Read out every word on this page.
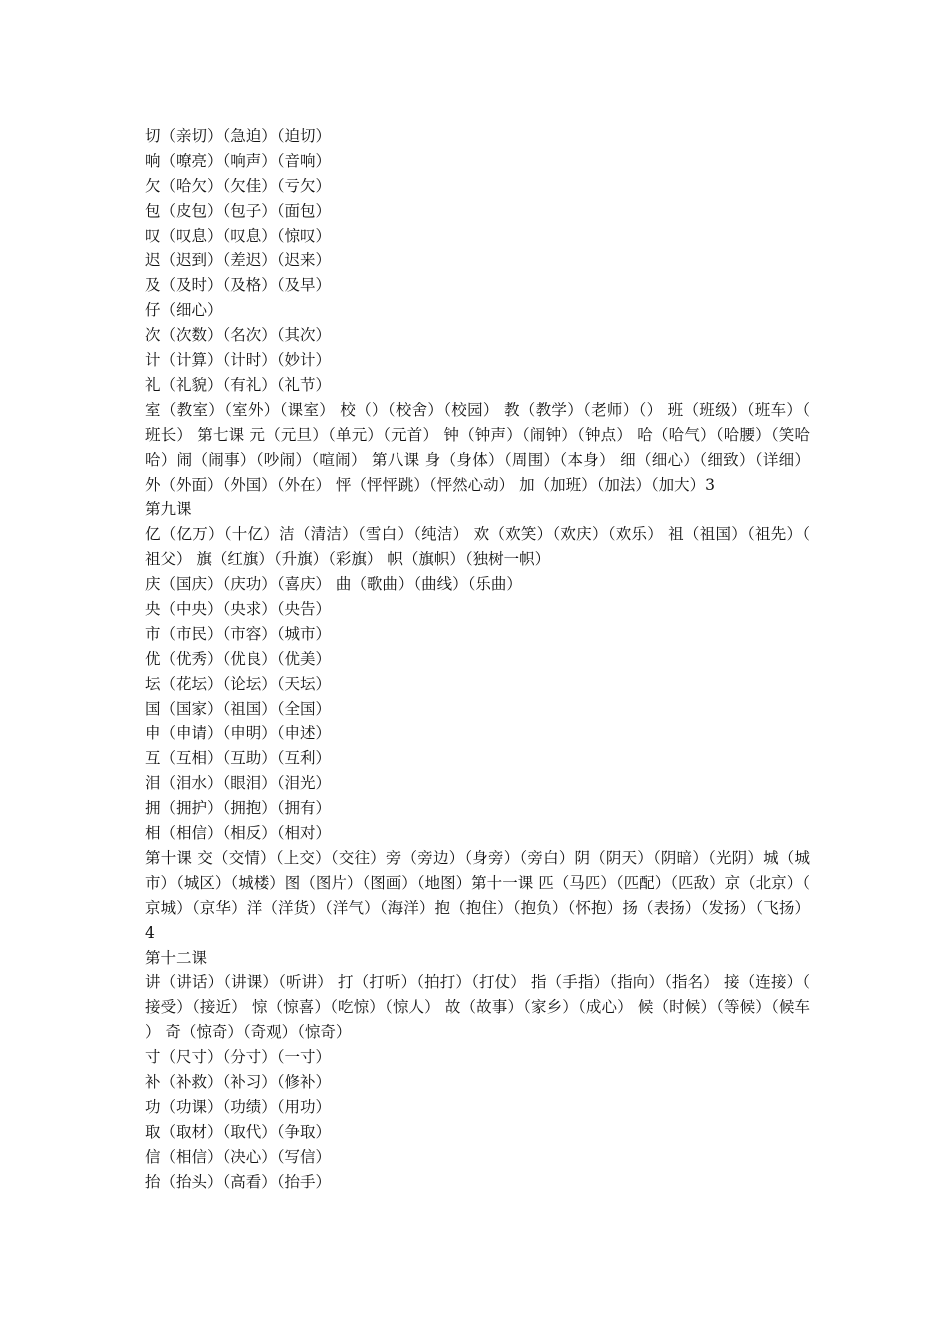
切（亲切）（急迫）（迫切）

响（嘹亮）（响声）（音响）

欠（哈欠）（欠佳）（亏欠）

包（皮包）（包子）（面包）

叹（叹息）（叹息）（惊叹）

迟（迟到）（差迟）（迟来）

及（及时）（及格）（及早）

仔（细心）

次（次数）（名次）（其次）

计（计算）（计时）（妙计）

礼（礼貌）（有礼）（礼节）

室（教室）（室外）（课室） 校（）（校舍）（校园） 教（教学）（老师）（） 班（班级）（班车）（班长） 第七课 元（元旦）（单元）（元首） 钟（钟声）（闹钟）（钟点） 哈（哈气）（哈腰）（笑哈哈）闹（闹事）（吵闹）（喧闹） 第八课 身（身体）（周围）（本身） 细（细心）（细致）（详细） 外（外面）（外国）（外在） 怦（怦怦跳）（怦然心动） 加（加班）（加法）（加大）3

第九课

亿（亿万）（十亿）洁（清洁）（雪白）（纯洁） 欢（欢笑）（欢庆）（欢乐） 祖（祖国）（祖先）（祖父） 旗（红旗）（升旗）（彩旗） 帜（旗帜）（独树一帜）

庆（国庆）（庆功）（喜庆） 曲（歌曲）（曲线）（乐曲）

央（中央）（央求）（央告）

市（市民）（市容）（城市）

优（优秀）（优良）（优美）

坛（花坛）（论坛）（天坛）

国（国家）（祖国）（全国）

申（申请）（申明）（申述）

互（互相）（互助）（互利）

泪（泪水）（眼泪）（泪光）

拥（拥护）（拥抱）（拥有）

相（相信）（相反）（相对）

第十课 交（交情）（上交）（交往）旁（旁边）（身旁）（旁白）阴（阴天）（阴暗）（光阴）城（城市）（城区）（城楼）图（图片）（图画）（地图）第十一课 匹（马匹）（匹配）（匹敌）京（北京）（京城）（京华）洋（洋货）（洋气）（海洋）抱（抱住）（抱负）（怀抱）扬（表扬）（发扬）（飞扬）4

第十二课

讲（讲话）（讲课）（听讲） 打（打听）（拍打）（打仗） 指（手指）（指向）（指名） 接（连接）（接受）（接近） 惊（惊喜）（吃惊）（惊人） 故（故事）（家乡）（成心） 候（时候）（等候）（候车） 奇（惊奇）（奇观）（惊奇）

寸（尺寸）（分寸）（一寸）

补（补救）（补习）（修补）

功（功课）（功绩）（用功）

取（取材）（取代）（争取）

信（相信）（决心）（写信）

抬（抬头）（高看）（抬手）
